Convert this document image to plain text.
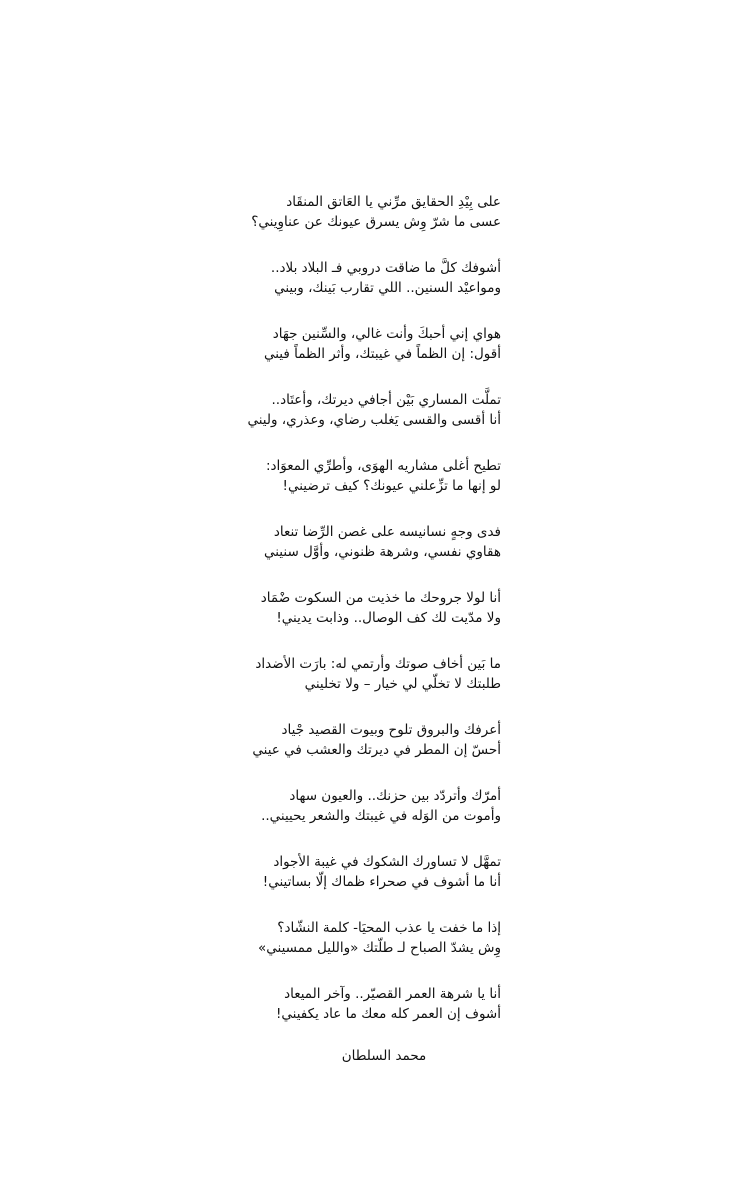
على بِيْدِ الحقايق مرِّني يا العَاتق المنقَاد
عسى ما شرّ وِش يسرق عيونك عن عناوِيني؟
أشوفك كلَّ ما ضاقت دروبي فـ البلاد بلاد..
ومواعيْد السنين.. اللي تقارب بَينك، وبيني
هواي إني أحبكَ وأنت غالي، والسِّنين جهَاد
أقول: إن الظماً في غيبتك، وأثر الظماً فيني
تملَّت المساري بَيْن أجافي ديرتك، وأعتَاد..
أنا أقسى والقسى يَغلب رضاي، وعذري، وليني
تطيح أغلى مشاريه الهوَى، وأطرِّي المعوَاد:
لو إنها ما تزِّعلني عيونك؟ كيف ترضيني!
فدى وجهٍ نسانيسه على غصن الرِّضا تنعاد
هقاوي نفسي، وشرهة ظنوني، وأوَّل سنيني
أنا لولا جروحك ما خذيت من السكوت ضْمَاد
ولا مدّيت لك كف الوصال.. وذابت يديني!
ما بَين أخاف صوتك وأرتمي له: بارَت الأضداد
طلبتك لا تخلّي لي خيار – ولا تخليني
أعرفك والبروق تلوح وبيوت القصيد جْياد
أحسّ إن المطر في ديرتك والعشب في عيني
أمرّك وأتردّد بين حزنك.. والعيون سهاد
وأموت من الوَله في غيبتك والشعر يحييني..
تمهَّل لا تساورك الشكوك في غيبة الأجواد
أنا ما أشوف في صحراء ظماك إلّا بساتيني!
إذا ما خفت يا عذب المحيَا- كلمة النشّاد؟
وِش يشدّ الصباح لـ طلّتك «والليل ممسيني»
أنا يا شرهة العمر القصيّر.. وآخر الميعاد
أشوف إن العمر كله معك ما عاد يكفيني!
محمد السلطان
